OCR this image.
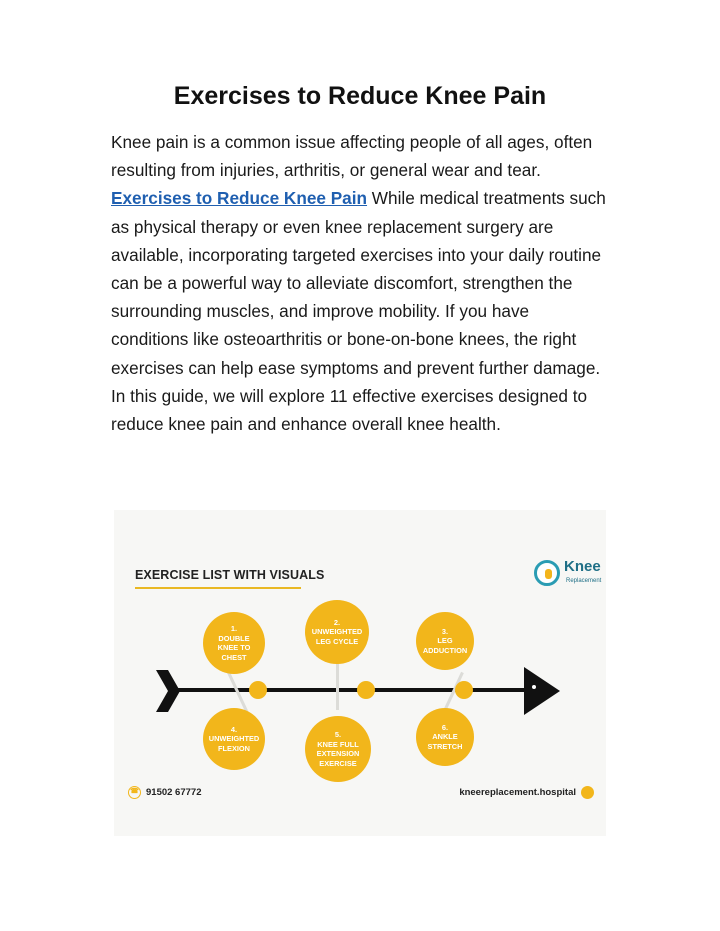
Exercises to Reduce Knee Pain
Knee pain is a common issue affecting people of all ages, often resulting from injuries, arthritis, or general wear and tear. Exercises to Reduce Knee Pain While medical treatments such as physical therapy or even knee replacement surgery are available, incorporating targeted exercises into your daily routine can be a powerful way to alleviate discomfort, strengthen the surrounding muscles, and improve mobility. If you have conditions like osteoarthritis or bone-on-bone knees, the right exercises can help ease symptoms and prevent further damage. In this guide, we will explore 11 effective exercises designed to reduce knee pain and enhance overall knee health.
EXERCISE LIST WITH VISUALS	Knee
Replacement
1.
DOUBLE KNEE TO CHEST
2.
UNWEIGHTED LEG CYCLE
3.
LEG ADDUCTION
4.
UNWEIGHTED FLEXION
5.
KNEE FULL EXTENSION EXERCISE
6.
ANKLE STRETCH
☎ 91502 67772	kneereplacement.hospital
